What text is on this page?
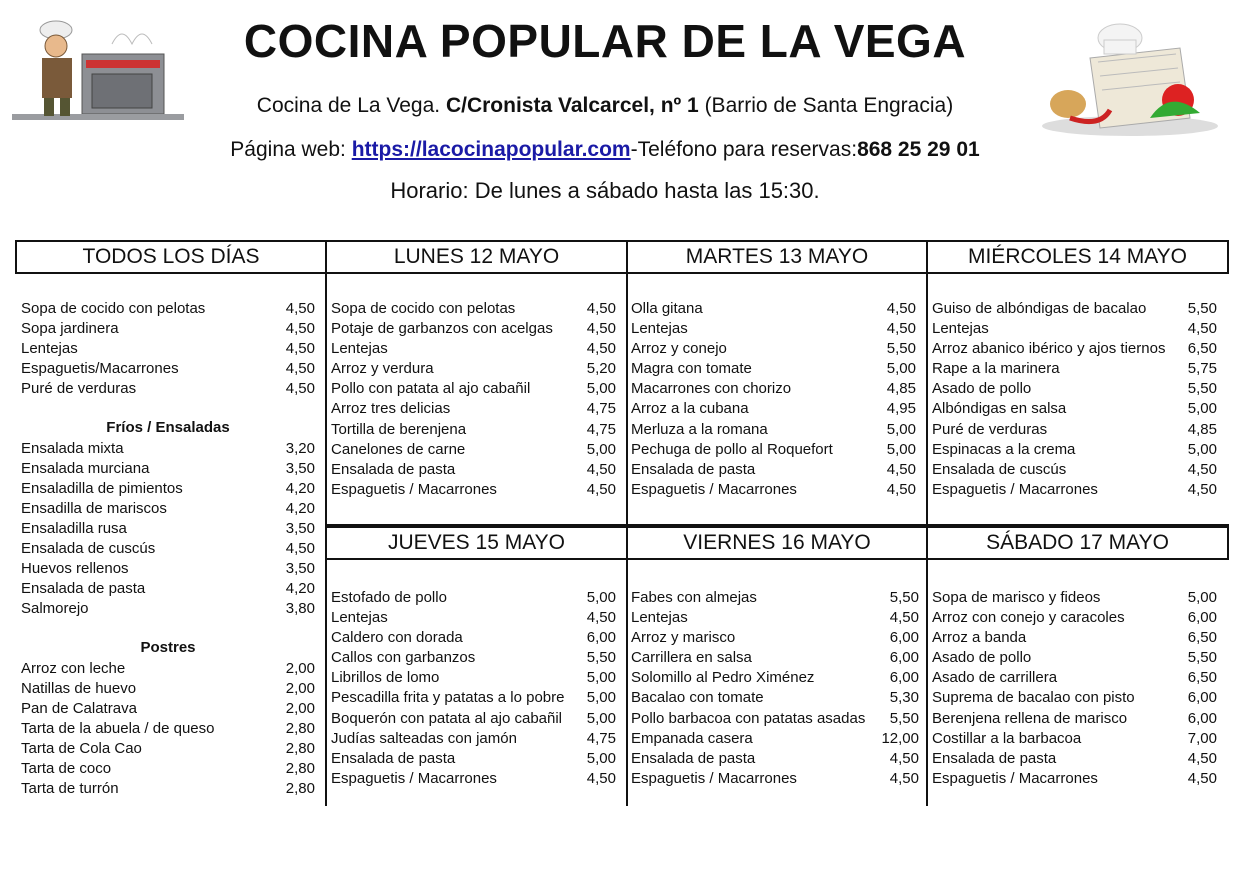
COCINA POPULAR DE LA VEGA
Cocina de La Vega. C/Cronista Valcarcel, nº 1 (Barrio de Santa Engracia)
Página web: https://lacocinapopular.com-Teléfono para reservas:868 25 29 01
Horario: De lunes a sábado hasta las 15:30.
TODOS LOS DÍAS	LUNES 12 MAYO	MARTES 13 MAYO	MIÉRCOLES 14 MAYO
JUEVES 15 MAYO	VIERNES 16 MAYO	SÁBADO 17 MAYO
Sopa de cocido con pelotas	4,50
Sopa jardinera	4,50
Lentejas	4,50
Espaguetis/Macarrones	4,50
Puré de verduras	4,50
Fríos / Ensaladas
Ensalada mixta	3,20
Ensalada murciana	3,50
Ensaladilla de pimientos	4,20
Ensadilla de mariscos	4,20
Ensaladilla rusa	3,50
Ensalada de cuscús	4,50
Huevos rellenos	3,50
Ensalada de pasta	4,20
Salmorejo	3,80
Postres
Arroz con leche	2,00
Natillas de huevo	2,00
Pan de Calatrava	2,00
Tarta de la abuela / de queso	2,80
Tarta de Cola Cao	2,80
Tarta de coco	2,80
Tarta de turrón	2,80
Sopa de cocido con pelotas	4,50
Potaje de garbanzos con acelgas 4,50
Lentejas	4,50
Arroz y verdura	5,20
Pollo con patata al ajo cabañil	5,00
Arroz tres delicias	4,75
Tortilla de berenjena	4,75
Canelones de carne	5,00
Ensalada de pasta	4,50
Espaguetis / Macarrones	4,50
Olla gitana	4,50
Lentejas	4,50
Arroz y conejo	5,50
Magra con tomate	5,00
Macarrones con chorizo	4,85
Arroz a la cubana	4,95
Merluza a la romana	5,00
Pechuga de pollo al Roquefort	5,00
Ensalada de pasta	4,50
Espaguetis / Macarrones	4,50
Guiso de albóndigas de bacalao	5,50
Lentejas	4,50
Arroz abanico ibérico y ajos tiernos 6,50
Rape a la marinera	5,75
Asado de pollo	5,50
Albóndigas en salsa	5,00
Puré de verduras	4,85
Espinacas a la crema	5,00
Ensalada de cuscús	4,50
Espaguetis / Macarrones	4,50
Estofado de pollo	5,00
Lentejas	4,50
Caldero con dorada	6,00
Callos con garbanzos	5,50
Librillos de lomo	5,00
Pescadilla frita y patatas a lo pobre 5,00
Boquerón con patata al ajo cabañil 5,00
Judías salteadas con jamón	4,75
Ensalada de pasta	5,00
Espaguetis / Macarrones	4,50
Fabes con almejas	5,50
Lentejas	4,50
Arroz y marisco	6,00
Carrillera en salsa	6,00
Solomillo al Pedro Ximénez	6,00
Bacalao con tomate	5,30
Pollo barbacoa con patatas asadas 5,50
Empanada casera	12,00
Ensalada de pasta	4,50
Espaguetis / Macarrones	4,50
Sopa de marisco y fideos	5,00
Arroz con conejo y caracoles	6,00
Arroz a banda	6,50
Asado de pollo	5,50
Asado de carrillera	6,50
Suprema de bacalao con pisto	6,00
Berenjena rellena de marisco	6,00
Costillar a la barbacoa	7,00
Ensalada de pasta	4,50
Espaguetis / Macarrones	4,50
